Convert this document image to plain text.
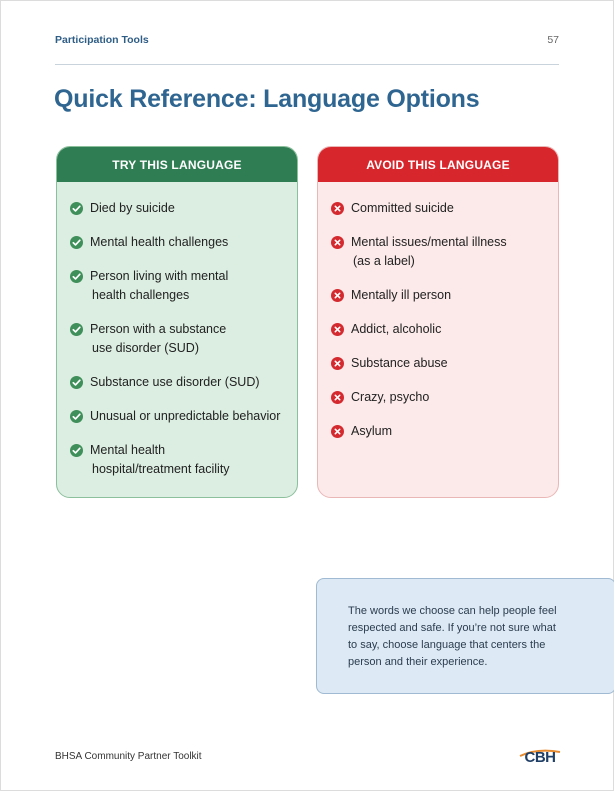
Participation Tools	57
Quick Reference: Language Options
TRY THIS LANGUAGE
Died by suicide
Mental health challenges
Person living with mental
health challenges
Person with a substance
use disorder (SUD)
Substance use disorder (SUD)
Unusual or unpredictable behavior
Mental health
hospital/treatment facility
AVOID THIS LANGUAGE
Committed suicide
Mental issues/mental illness
(as a label)
Mentally ill person
Addict, alcoholic
Substance abuse
Crazy, psycho
Asylum
The words we choose can help people feel
respected and safe. If you’re not sure what
to say, choose language that centers the
person and their experience.
BHSA Community Partner Toolkit	CBH
